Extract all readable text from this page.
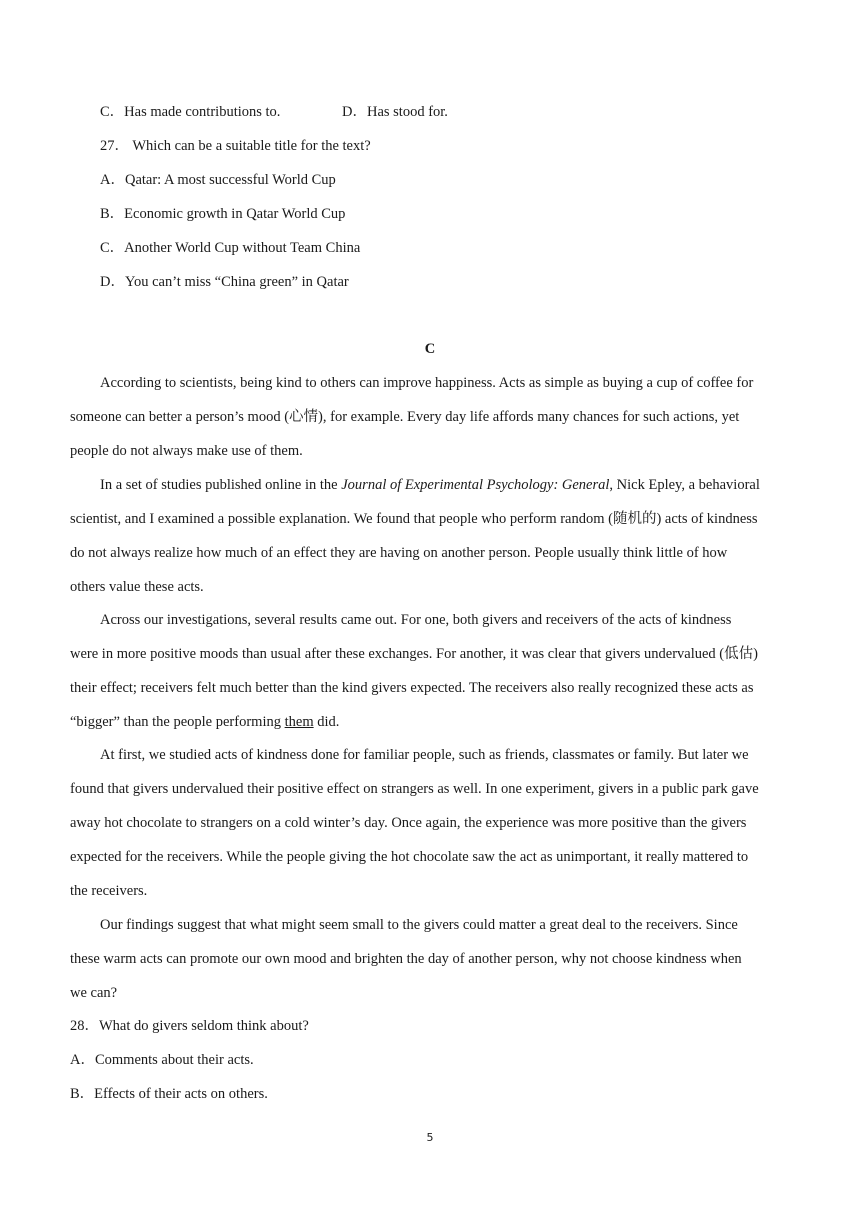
C．Has made contributions to.	D．Has stood for.
27． Which can be a suitable title for the text?
A．Qatar: A most successful World Cup
B．Economic growth in Qatar World Cup
C．Another World Cup without Team China
D．You can’t miss “China green” in Qatar
C
According to scientists, being kind to others can improve happiness. Acts as simple as buying a cup of coffee for
someone can better a person’s mood (心情), for example. Every day life affords many chances for such actions, yet
people do not always make use of them.
In a set of studies published online in the Journal of Experimental Psychology: General, Nick Epley, a behavioral
scientist, and I examined a possible explanation. We found that people who perform random (随机的) acts of kindness
do not always realize how much of an effect they are having on another person. People usually think little of how
others value these acts.
Across our investigations, several results came out. For one, both givers and receivers of the acts of kindness
were in more positive moods than usual after these exchanges. For another, it was clear that givers undervalued (低估)
their effect; receivers felt much better than the kind givers expected. The receivers also really recognized these acts as
“bigger” than the people performing them did.
At first, we studied acts of kindness done for familiar people, such as friends, classmates or family. But later we
found that givers undervalued their positive effect on strangers as well. In one experiment, givers in a public park gave
away hot chocolate to strangers on a cold winter’s day. Once again, the experience was more positive than the givers
expected for the receivers. While the people giving the hot chocolate saw the act as unimportant, it really mattered to
the receivers.
Our findings suggest that what might seem small to the givers could matter a great deal to the receivers. Since
these warm acts can promote our own mood and brighten the day of another person, why not choose kindness when
we can?
28．What do givers seldom think about?
A．Comments about their acts.
B．Effects of their acts on others.
5
